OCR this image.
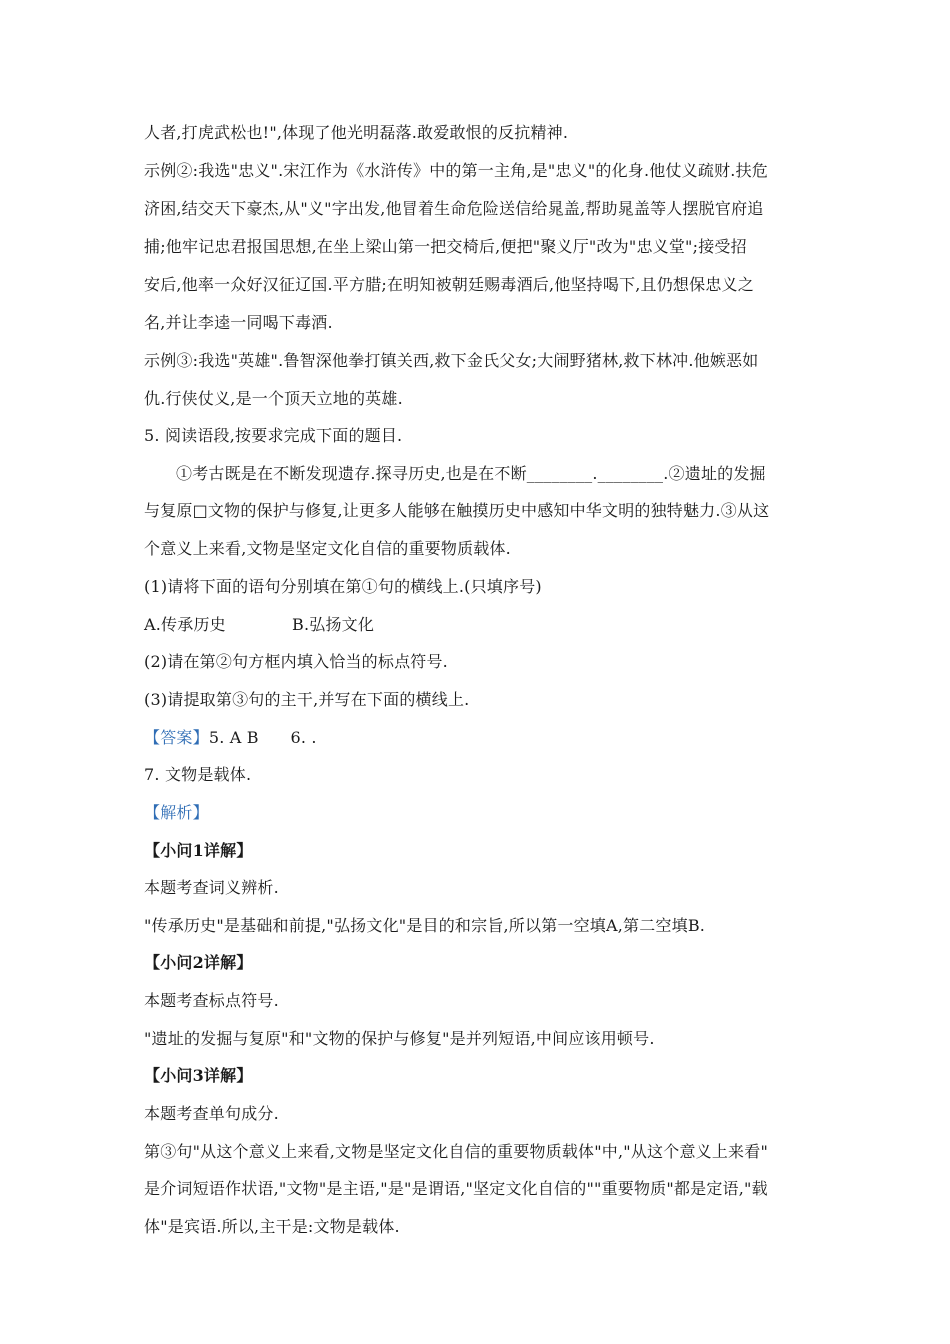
人者,打虎武松也!",体现了他光明磊落.敢爱敢恨的反抗精神.
示例②:我选"忠义".宋江作为《水浒传》中的第一主角,是"忠义"的化身.他仗义疏财.扶危
济困,结交天下豪杰,从"义"字出发,他冒着生命危险送信给晁盖,帮助晁盖等人摆脱官府追
捕;他牢记忠君报国思想,在坐上梁山第一把交椅后,便把"聚义厅"改为"忠义堂";接受招
安后,他率一众好汉征辽国.平方腊;在明知被朝廷赐毒酒后,他坚持喝下,且仍想保忠义之
名,并让李逵一同喝下毒酒.
示例③:我选"英雄".鲁智深他拳打镇关西,救下金氏父女;大闹野猪林,救下林冲.他嫉恶如
仇.行侠仗义,是一个顶天立地的英雄.
5. 阅读语段,按要求完成下面的题目.
①考古既是在不断发现遗存.探寻历史,也是在不断________.________.②遗址的发掘
与复原□文物的保护与修复,让更多人能够在触摸历史中感知中华文明的独特魅力.③从这
个意义上来看,文物是坚定文化自信的重要物质载体.
(1)请将下面的语句分别填在第①句的横线上.(只填序号)
A.传承历史	B.弘扬文化
(2)请在第②句方框内填入恰当的标点符号.
(3)请提取第③句的主干,并写在下面的横线上.
【答案】5. A B      6. .
7. 文物是载体.
【解析】
【小问1详解】
本题考查词义辨析.
"传承历史"是基础和前提,"弘扬文化"是目的和宗旨,所以第一空填A,第二空填B.
【小问2详解】
本题考查标点符号.
"遗址的发掘与复原"和"文物的保护与修复"是并列短语,中间应该用顿号.
【小问3详解】
本题考查单句成分.
第③句"从这个意义上来看,文物是坚定文化自信的重要物质载体"中,"从这个意义上来看"
是介词短语作状语,"文物"是主语,"是"是谓语,"坚定文化自信的""重要物质"都是定语,"载
体"是宾语.所以,主干是:文物是载体.
